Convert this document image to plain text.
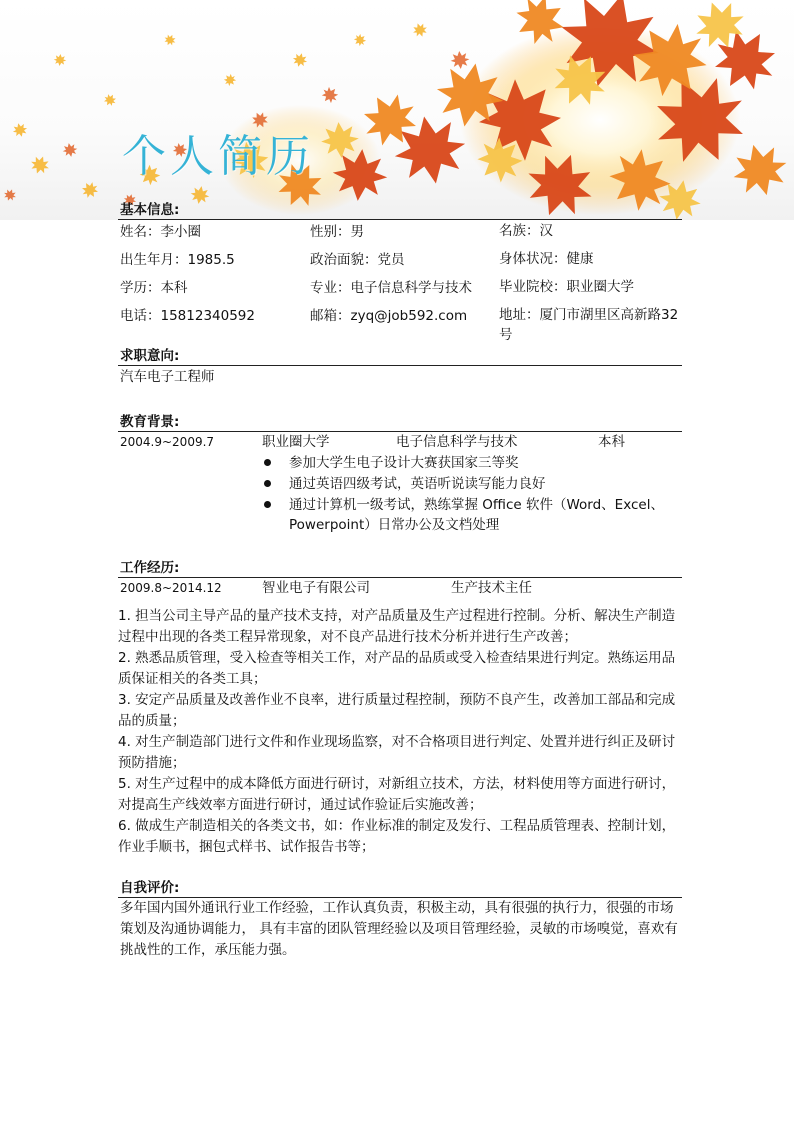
个人简历
基本信息:
姓名：李小圈	性别：男	名族：汉
出生年月：1985.5	政治面貌：党员	身体状况：健康
学历：本科	专业：电子信息科学与技术 毕业院校：职业圈大学
电话：15812340592	邮箱：zyq@job592.com 地址：厦门市湖里区高新路32号
求职意向:
汽车电子工程师
教育背景:
2004.9~2009.7	职业圈大学	电子信息科学与技术	本科
参加大学生电子设计大赛获国家三等奖
通过英语四级考试，英语听说读写能力良好
通过计算机一级考试，熟练掌握 Office 软件（Word、Excel、Powerpoint）日常办公及文档处理
工作经历:
2009.8~2014.12	智业电子有限公司	生产技术主任

1. 担当公司主导产品的量产技术支持，对产品质量及生产过程进行控制。分析、解决生产制造过程中出现的各类工程异常现象，对不良产品进行技术分析并进行生产改善；

2. 熟悉品质管理，受入检查等相关工作，对产品的品质或受入检查结果进行判定。熟练运用品质保证相关的各类工具；

3. 安定产品质量及改善作业不良率，进行质量过程控制，预防不良产生，改善加工部品和完成品的质量；

4. 对生产制造部门进行文件和作业现场监察，对不合格项目进行判定、处置并进行纠正及研讨预防措施；

5. 对生产过程中的成本降低方面进行研讨，对新组立技术，方法，材料使用等方面进行研讨，对提高生产线效率方面进行研讨，通过试作验证后实施改善；

6. 做成生产制造相关的各类文书，如：作业标准的制定及发行、工程品质管理表、控制计划，作业手顺书，捆包式样书、试作报告书等；

自我评价:
多年国内国外通讯行业工作经验，工作认真负责，积极主动，具有很强的执行力，很强的市场策划及沟通协调能力， 具有丰富的团队管理经验以及项目管理经验，灵敏的市场嗅觉，喜欢有挑战性的工作，承压能力强。
